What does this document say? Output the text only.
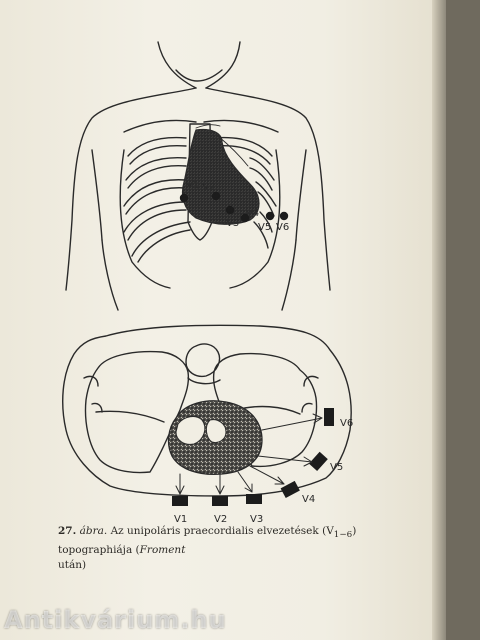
V1 V2
V3
V4
V5 V6
V1	V2 V3
V4
V5
V6
27. ábra. Az unipoláris praecordialis elvezetések $(V_{1-6})$ topographiája (Froment
után)
Antikvárium.hu
